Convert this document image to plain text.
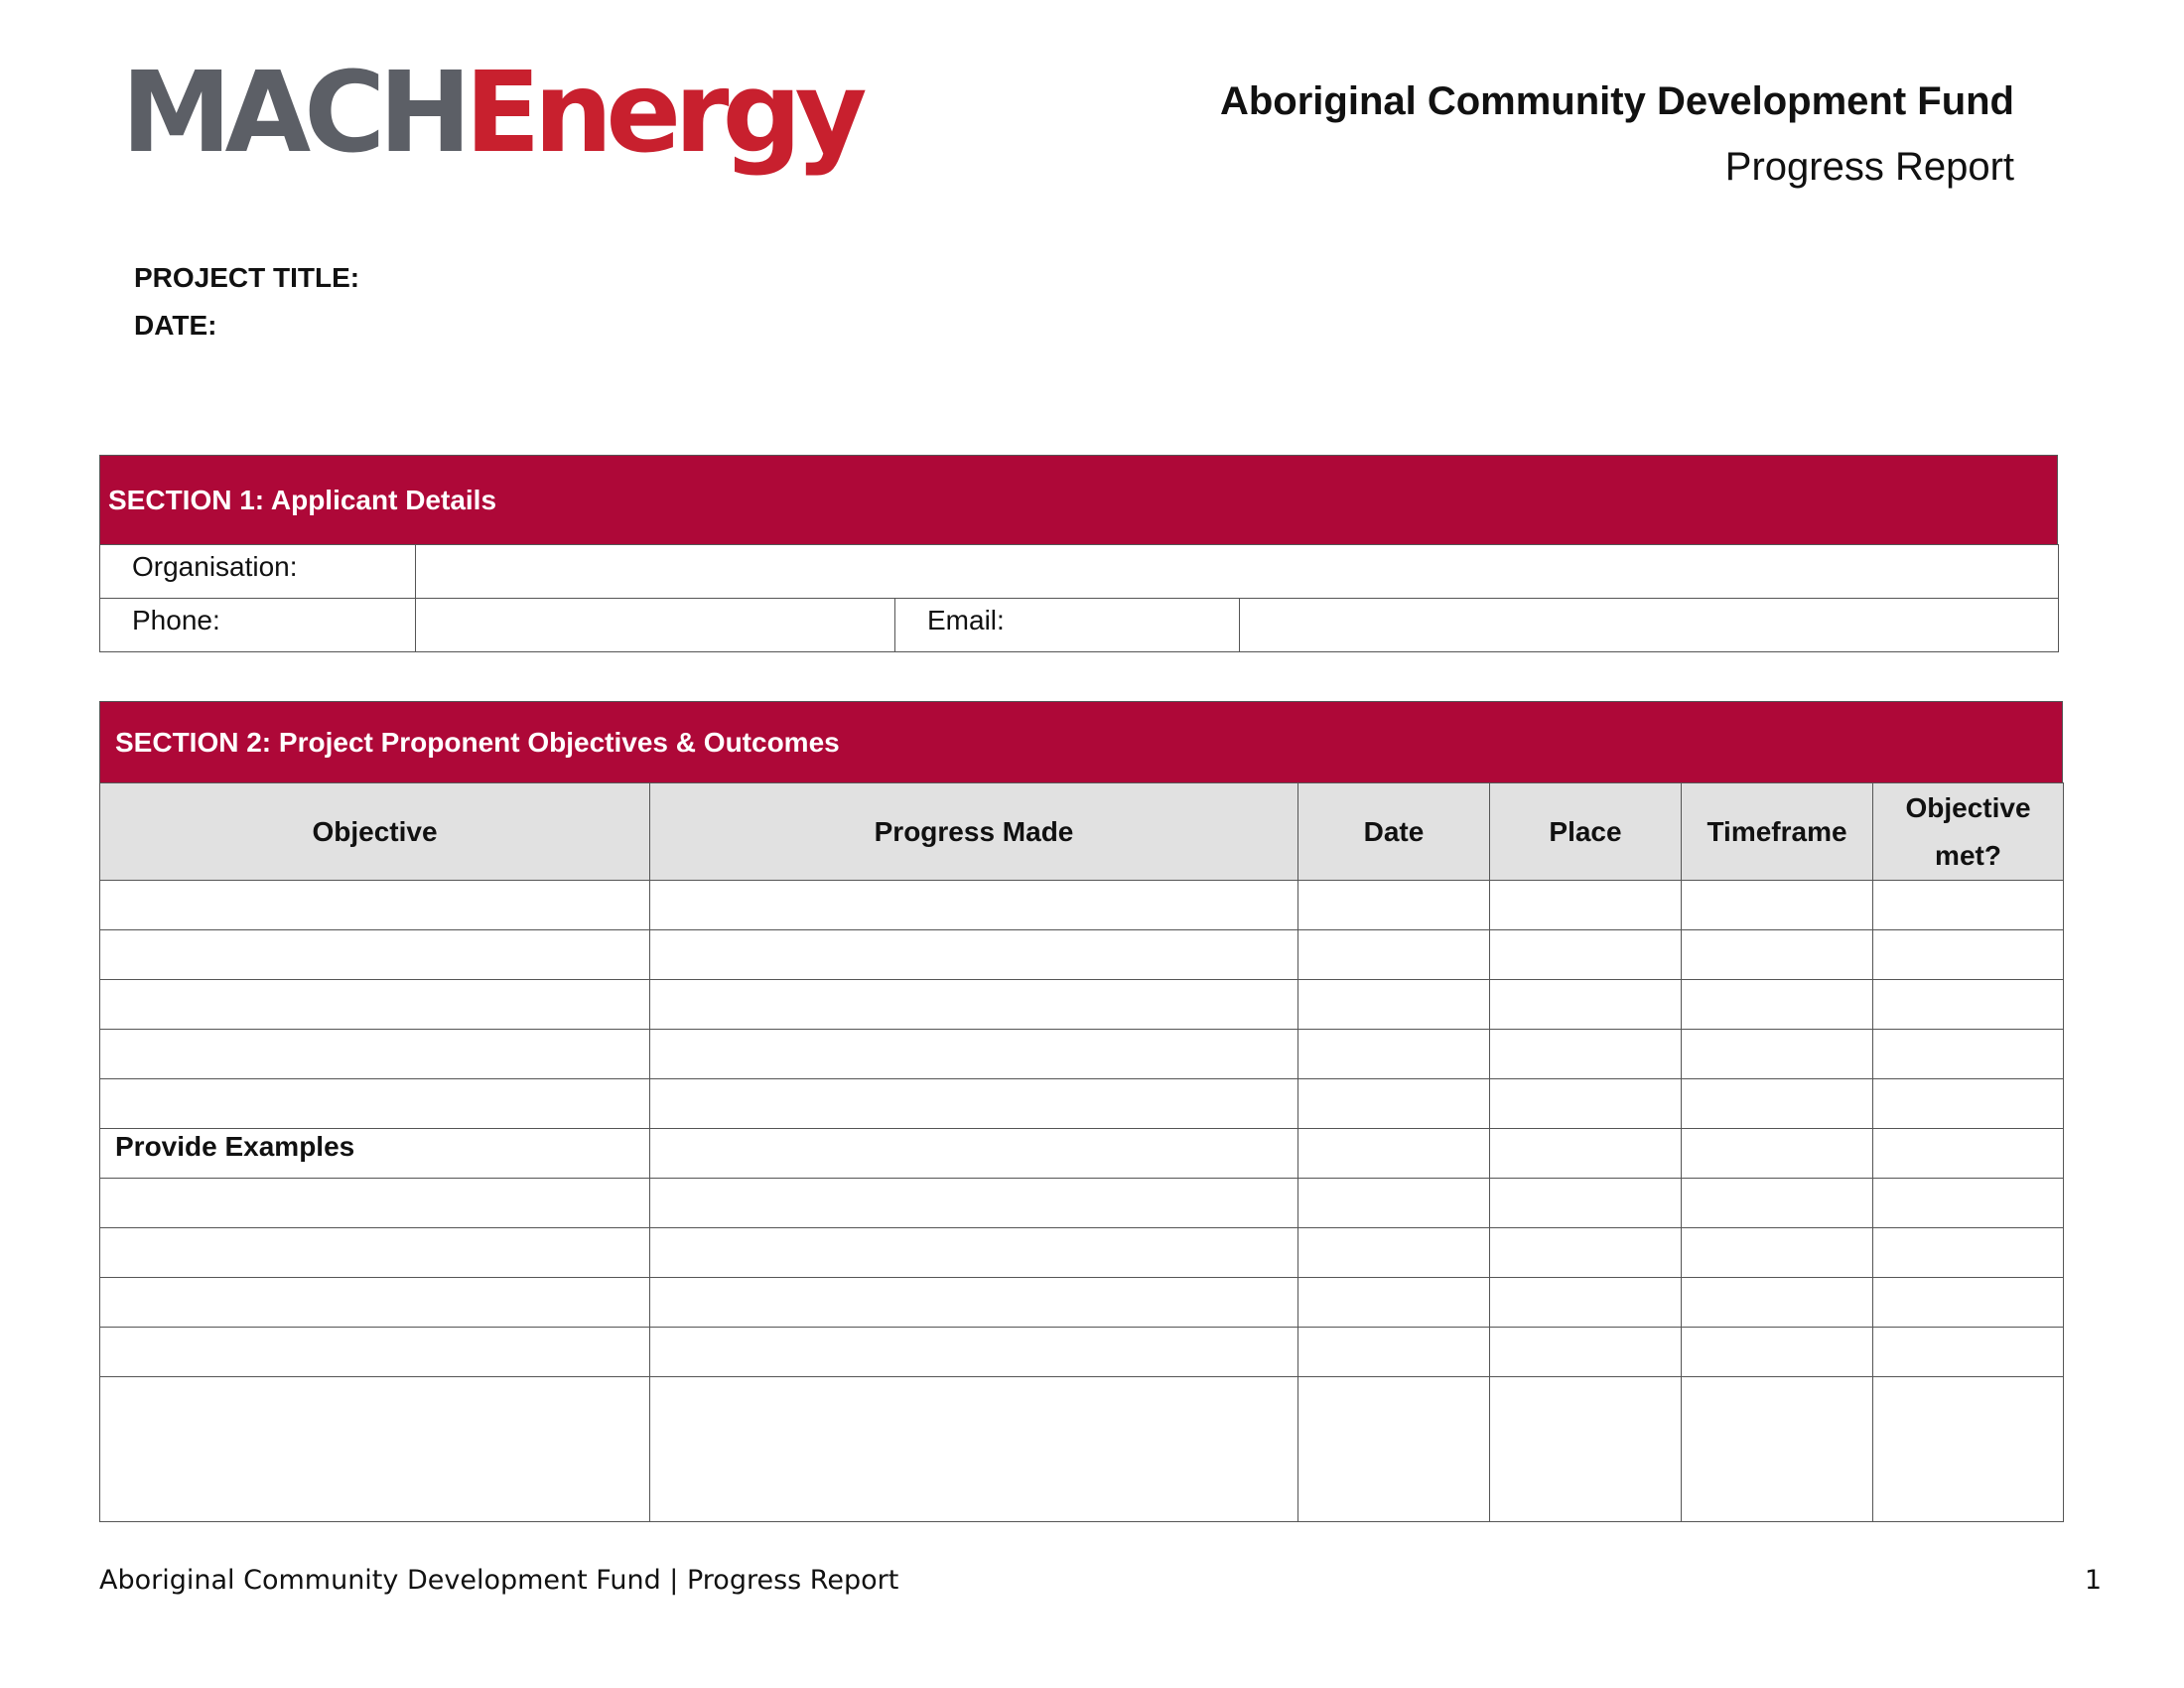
MACHEnergy	Aboriginal Community Development Fund
Progress Report
PROJECT TITLE:
DATE:
SECTION 1: Applicant Details
Organisation:			
Phone:		Email:	
SECTION 2: Project Proponent Objectives & Outcomes
Objective	Progress Made	Date	Place	Timeframe	Objective met?

Provide Examples					

Aboriginal Community Development Fund | Progress Report	1
